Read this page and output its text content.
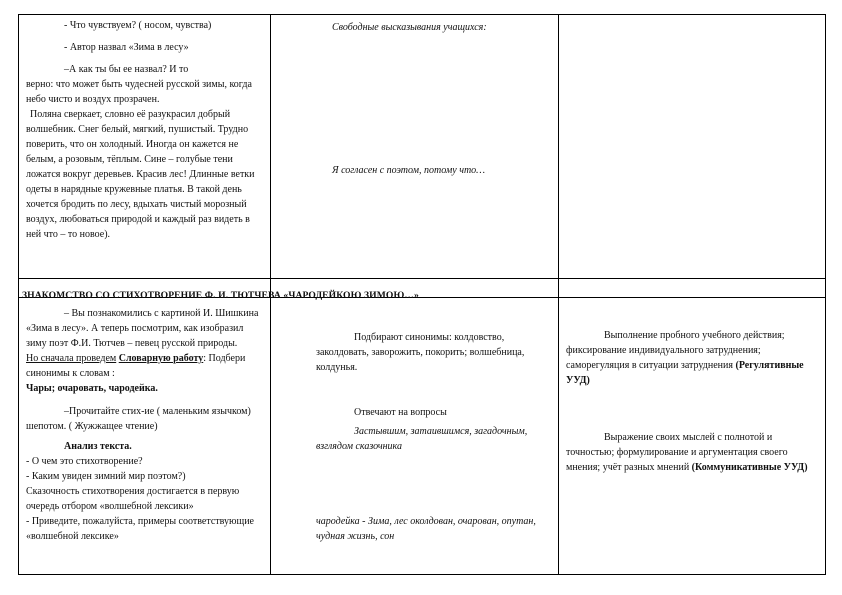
- Что чувствуем? ( носом, чувства)

- Автор назвал «Зима в лесу»

–А как ты бы ее назвал? И то

верно: что может быть чудесней русской зимы, когда небо чисто и воздух прозрачен.

Полянa сверкает, словно её разукрасил добрый волшебник. Снег белый, мягкий, пушистый. Трудно поверить, что он холодный. Иногда он кажется не белым, а розовым, тёплым. Сине – голубые тени ложатся вокруг деревьев. Красив лес! Длинные ветки одеты в нарядные кружевные платья. В такой день хочется бродить по лесу, вдыхать чистый морозный воздух, любоваться природой и каждый раз видеть в ней что – то новое).

Свободные высказывания учащихся:

Я согласен с поэтом, потому что…

ЗНАКОМСТВО СО СТИХОТВОРЕНИЕ Ф. И. ТЮТЧЕВА «ЧАРОДЕЙКОЮ ЗИМОЮ…»

– Вы познакомились с картиной И. Шишкина «Зима в лесу». А теперь посмотрим, как изобразил зиму поэт Ф.И. Тютчев – певец русской природы.

Но сначала проведем Словарную работу: Подбери синонимы к словам :

Чары; очаровать, чародейка.

–Прочитайте стих-ие ( маленьким язычком) шепотом. ( Жужжащее чтение)

Анализ текста.

- О чем это стихотворение?

- Каким увиден зимний мир поэтом?)

Сказочность стихотворения достигается в первую очередь отбором «волшебной лексики»

- Приведите, пожалуйста, примеры соответствующие «волшебной лексике»

Подбирают синонимы: колдовство, заколдовать, заворожить, покорить; волшебница, колдунья.

Отвечают на вопросы

Застывшим, затаившимся, загадочным, взглядом сказочника

чародейка - Зима, лес околдован, очарован, опутан, чудная жизнь, сон

Выполнение пробного учебного действия; фиксирование индивидуального затруднения; саморегуляция в ситуации затруднения (Регулятивные УУД)

Выражение своих мыслей с полнотой и точностью; формулирование и аргументация своего мнения; учёт разных мнений (Коммуникативные УУД)
